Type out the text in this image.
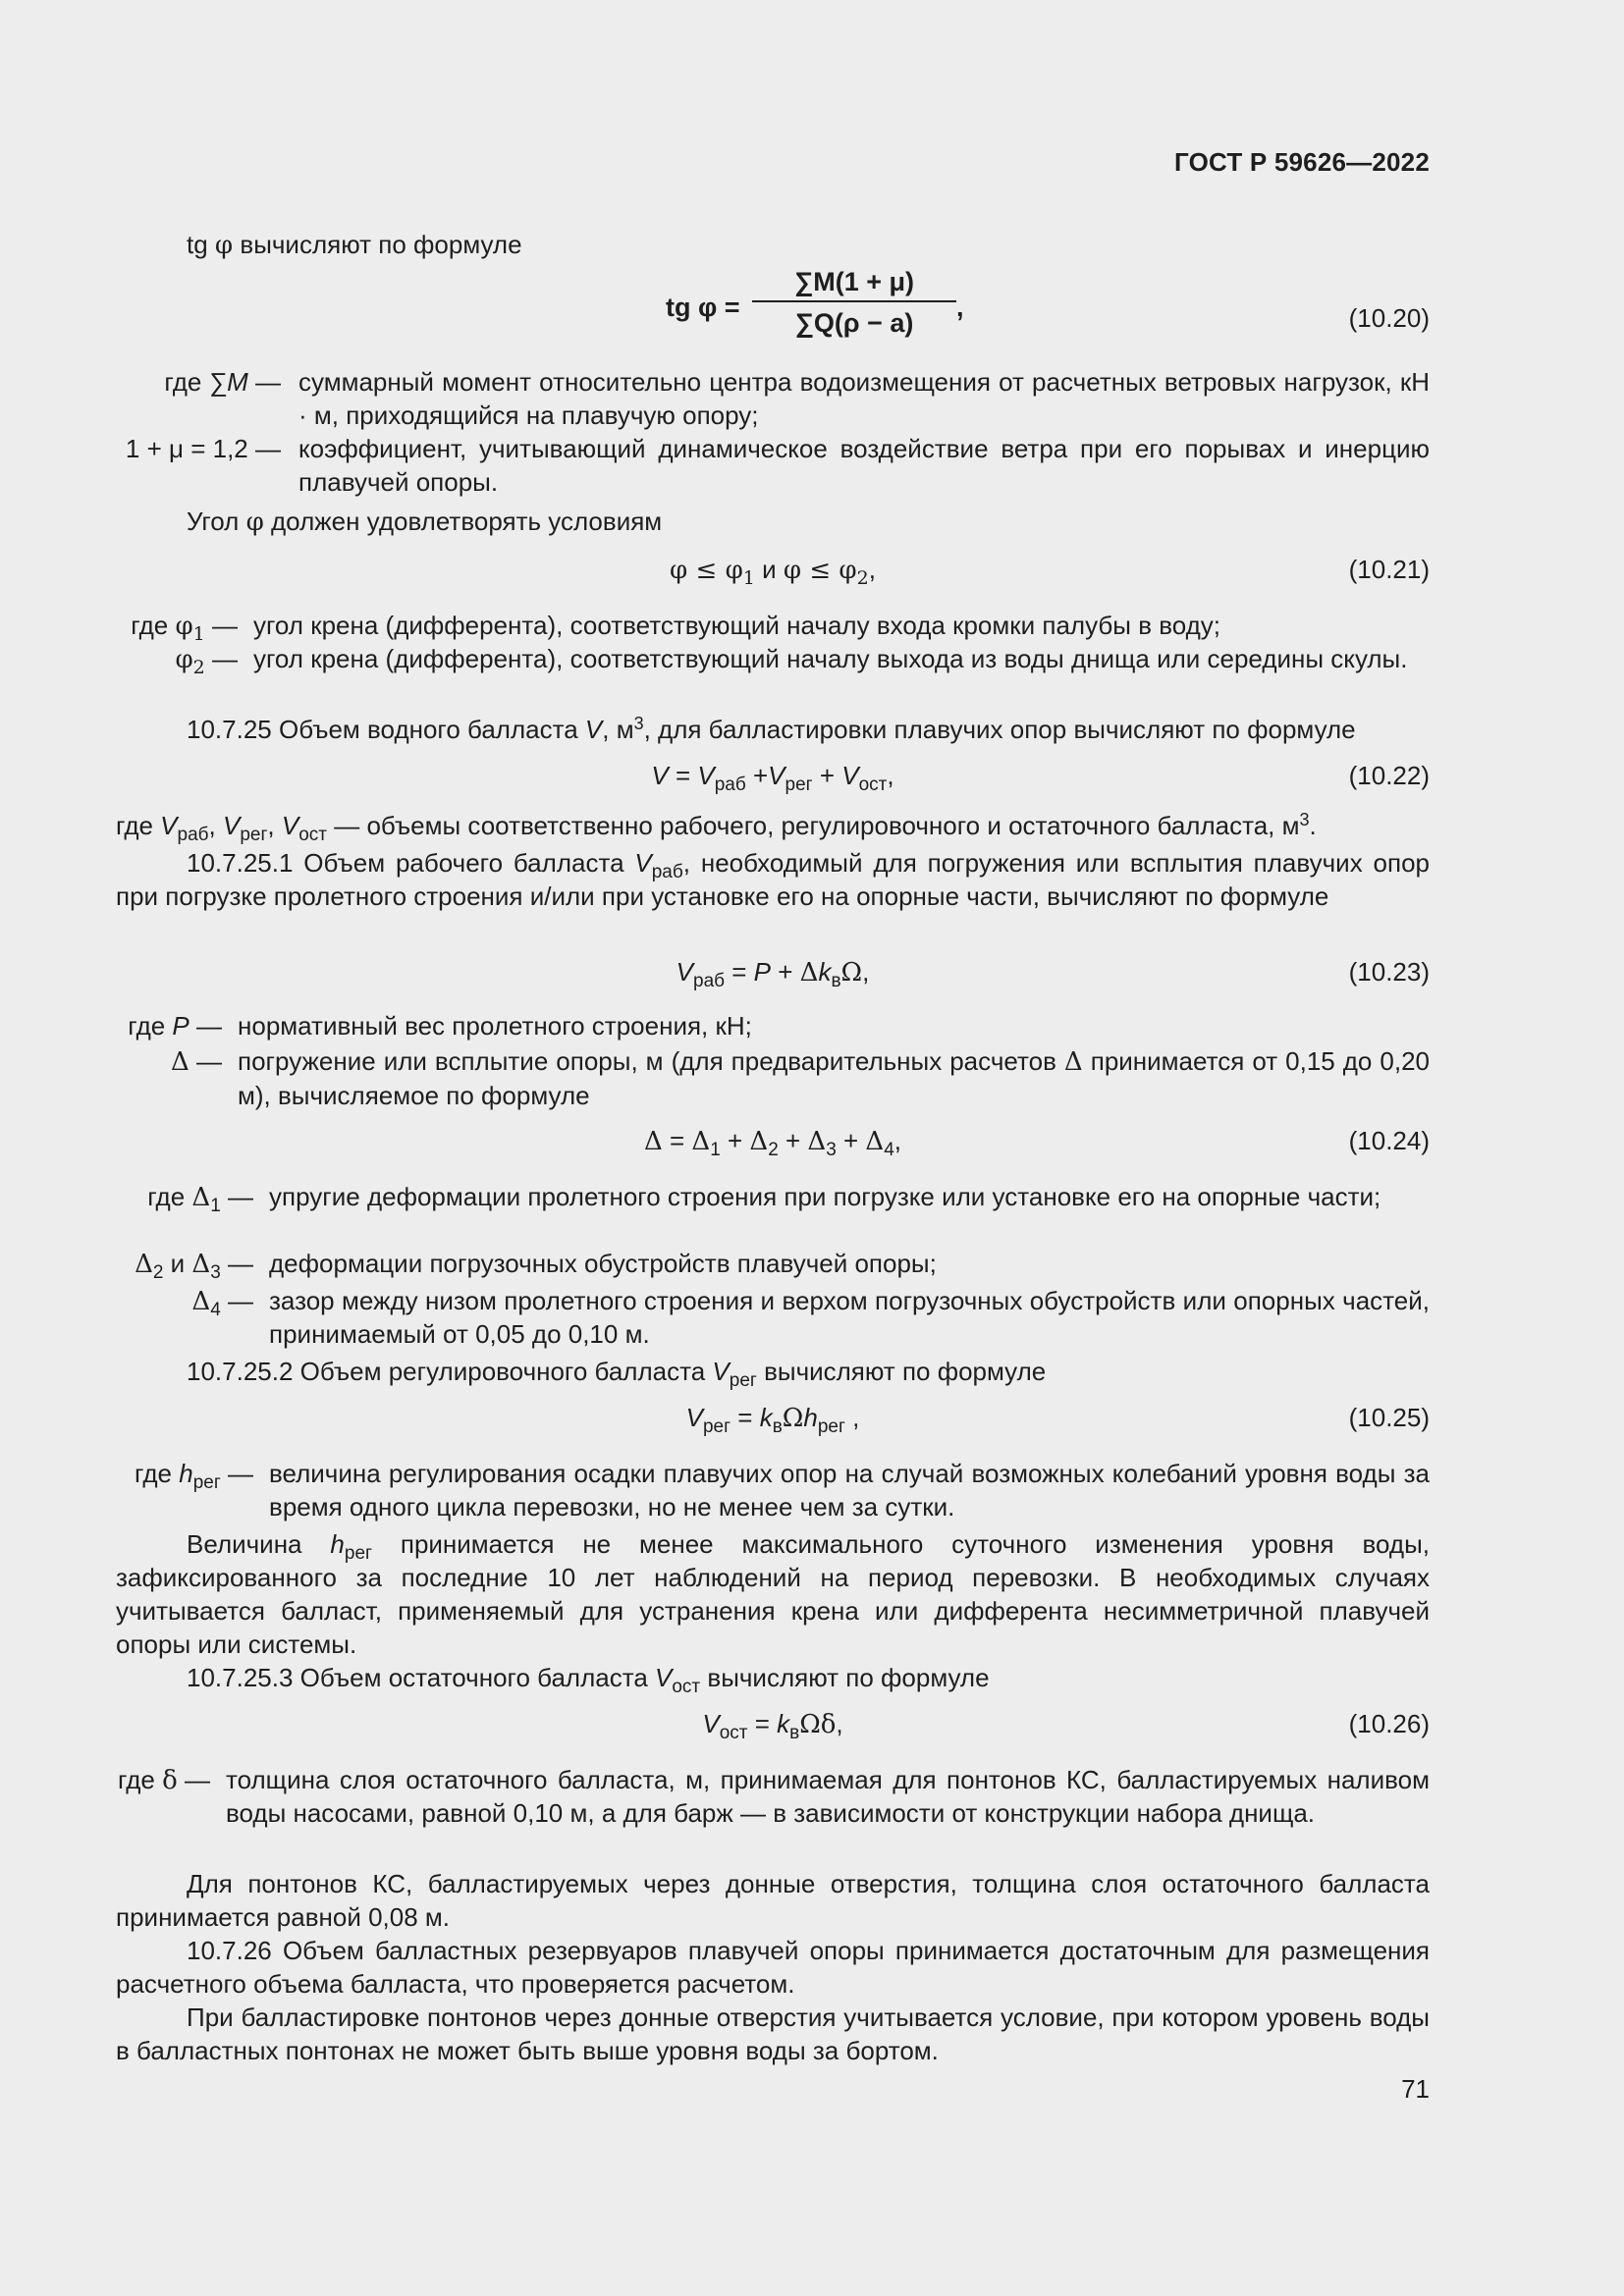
ГОСТ Р 59626—2022
tg φ вычисляют по формуле
tg φ =
∑M(1 + μ)
∑Q(ρ − a)
,	(10.20)
где ∑M — суммарный момент относительно центра водоизмещения от расчетных ветровых нагрузок, кН · м, приходящийся на плавучую опору;
1 + μ = 1,2 — коэффициент, учитывающий динамическое воздействие ветра при его порывах и инерцию плавучей опоры.
Угол φ должен удовлетворять условиям
$\varphi \le \varphi_1$ и $\varphi \le \varphi_2$,	(10.21)
где $\varphi_1$ — угол крена (дифферента), соответствующий началу входа кромки палубы в воду;
$\varphi_2$ — угол крена (дифферента), соответствующий началу выхода из воды днища или середины скулы.
10.7.25 Объем водного балласта V, $м^3$, для балластировки плавучих опор вычисляют по формуле
$V = V_{раб} +V_{рег} + V_{ост}$,	(10.22)
где $V_{раб}$, $V_{рег}$, $V_{ост}$ — объемы соответственно рабочего, регулировочного и остаточного балласта, $м^3$.
10.7.25.1 Объем рабочего балласта $V_{раб}$, необходимый для погружения или всплытия плавучих опор при погрузке пролетного строения и/или при установке его на опорные части, вычисляют по формуле
$V_{раб} = P + \Delta k_в\Omega$,	(10.23)
где P — нормативный вес пролетного строения, кН;
Δ — погружение или всплытие опоры, м (для предварительных расчетов Δ принимается от 0,15 до 0,20 м), вычисляемое по формуле
$\Delta = \Delta_1 + \Delta_2 + \Delta_3 + \Delta_4$,	(10.24)
где $\Delta_1$ — упругие деформации пролетного строения при погрузке или установке его на опорные части;
$\Delta_2$ и $\Delta_3$ — деформации погрузочных обустройств плавучей опоры;
$\Delta_4$ — зазор между низом пролетного строения и верхом погрузочных обустройств или опорных частей, принимаемый от 0,05 до 0,10 м.
10.7.25.2 Объем регулировочного балласта $V_{рег}$ вычисляют по формуле
$V_{рег} = k_в\Omega h_{рег}$ ,	(10.25)
где $h_{рег}$ — величина регулирования осадки плавучих опор на случай возможных колебаний уровня воды за время одного цикла перевозки, но не менее чем за сутки.
Величина $h_{рег}$ принимается не менее максимального суточного изменения уровня воды, зафиксированного за последние 10 лет наблюдений на период перевозки. В необходимых случаях учитывается балласт, применяемый для устранения крена или дифферента несимметричной плавучей опоры или системы.
10.7.25.3 Объем остаточного балласта $V_{ост}$ вычисляют по формуле
$V_{ост} = k_в\Omega\delta$,	(10.26)
где δ — толщина слоя остаточного балласта, м, принимаемая для понтонов КС, балластируемых наливом воды насосами, равной 0,10 м, а для барж — в зависимости от конструкции набора днища.
Для понтонов КС, балластируемых через донные отверстия, толщина слоя остаточного балласта принимается равной 0,08 м.
10.7.26 Объем балластных резервуаров плавучей опоры принимается достаточным для размещения расчетного объема балласта, что проверяется расчетом.
При балластировке понтонов через донные отверстия учитывается условие, при котором уровень воды в балластных понтонах не может быть выше уровня воды за бортом.
71
